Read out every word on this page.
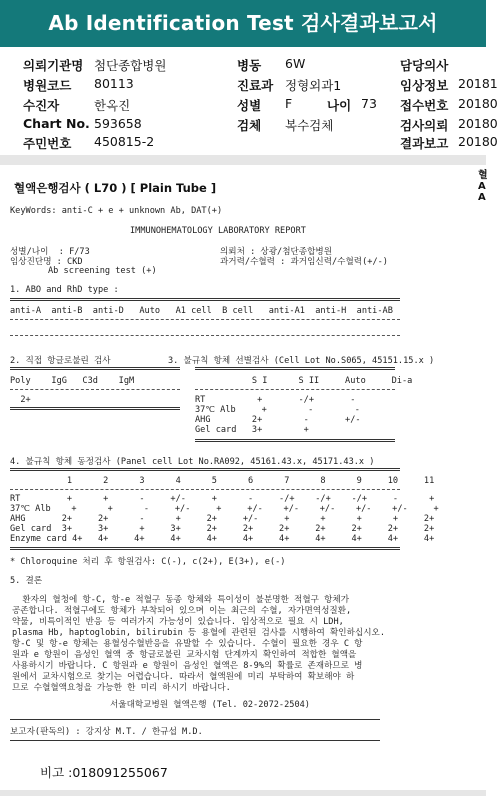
Ab Identification Test 검사결과보고서
의뢰기관명 첨단종합병원
병원코드 80113
수진자	한옥진
Chart No. 593658
주민번호 450815-2
병동 6W
진료과 정형외과1
성별 F	나이 73
검체 복수검체
담당의사
임상정보 20181
접수번호 20180
검사의뢰 20180
결과보고 20180
혈액은행검사 ( L70 ) [ Plain Tube ]
KeyWords: anti-C + e + unknown Ab, DAT(+)
IMMUNOHEMATOLOGY LABORATORY REPORT
성별/나이  : F/73
임상진단명 : CKD
의뢰처 : 상광/첨단종합병원
과거력/수혈력 : 과거임신력/수혈력(+/-)
Ab screening test (+)
1. ABO and RhD type :
anti-A  anti-B  anti-D   Auto   A1 cell  B cell   anti-A1  anti-H  anti-AB
2. 직접 항글로불린 검사
Poly    IgG   C3d    IgM
2+
3. 불규칙 항체 선별검사 (Cell Lot No.S065, 45151.15.x )
S I      S II     Auto     Di-a
RT          +       -/+       -
37℃ Alb     +        -        -
AHG        2+        -       +/-
Gel card   3+        +
4. 불규칙 항체 동정검사 (Panel cell Lot No.RA092, 45161.43.x, 45171.43.x )
1      2      3      4      5      6      7      8      9     10     11
RT         +      +      -     +/-     +      -     -/+    -/+    -/+     -      +
37℃ Alb    +      +      -     +/-     +     +/-    +/-    +/-    +/-    +/-     +
AHG       2+     2+      -      +     2+     +/-     +      +      +      +     2+
Gel card  3+     3+      +     3+     2+     2+     2+     2+     2+     2+     2+
Enzyme card 4+   4+     4+     4+     4+     4+     4+     4+     4+     4+     4+
* Chloroquine 처리 후 항원검사: C(-), c(2+), E(3+), e(-)
5. 결론
환자의 혈청에 항-C, 항-e 적혈구 동종 항체와 특이성이 불분명한 적혈구 항체가
공존합니다. 적혈구에도 항체가 부착되어 있으며 이는 최근의 수혈, 자가면역성질환,
약물, 비특이적인 반응 등 여러가지 가능성이 있습니다. 임상적으로 필요 시 LDH,
plasma Hb, haptoglobin, bilirubin 등 용혈에 관련된 검사를 시행하여 확인하십시오.
항-C 및 항-e 항체는 용혈성수혈반응을 유발할 수 있습니다. 수혈이 필요한 경우 C 항
원과 e 항원이 음성인 혈액 중 항글로불린 교차시험 단계까지 확인하여 적합한 혈액을
사용하시기 바랍니다. C 항원과 e 항원이 음성인 혈액은 8-9%의 확률로 존재하므로 병
원에서 교차시험으로 찾기는 어렵습니다. 따라서 혈액원에 미리 부탁하여 확보해야 하
므로 수혈혈액요청을 가능한 한 미리 하시기 바랍니다.
서울대학교병원 혈액은행 (Tel. 02-2072-2504)
보고자(판독의) : 강지상 M.T. / 한규섭 M.D.
비고 :018091255067
혈
A
A
